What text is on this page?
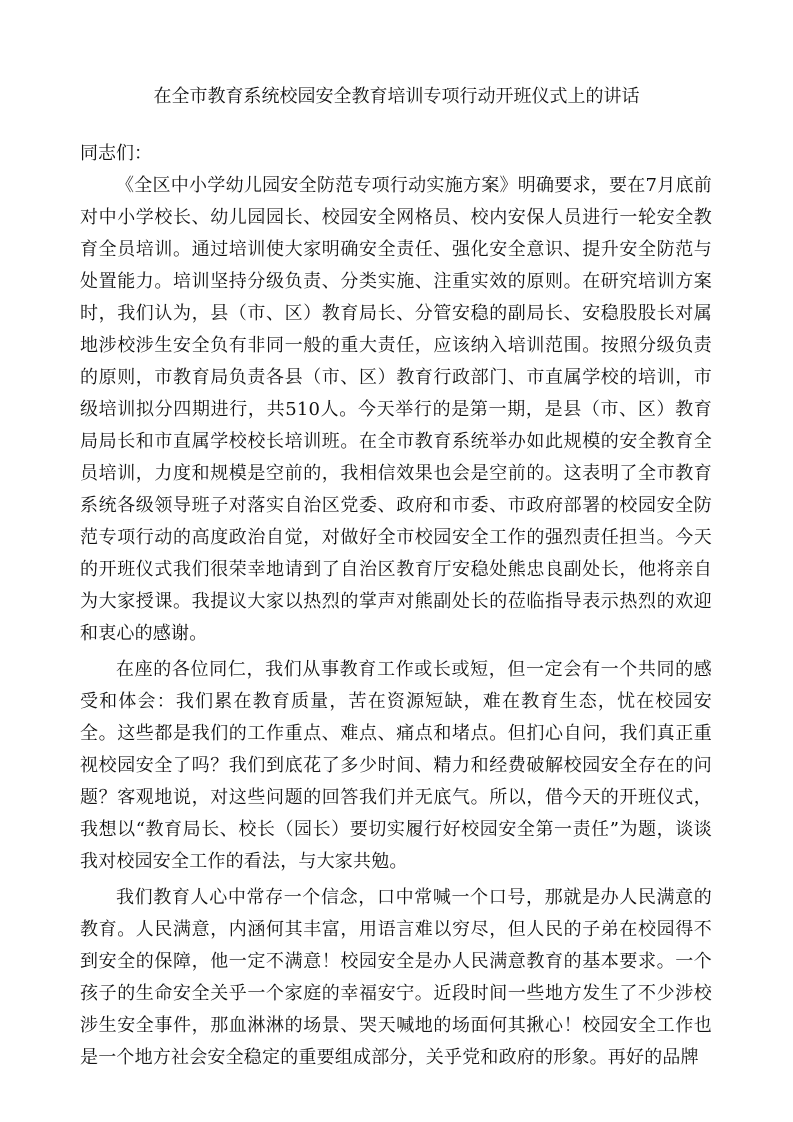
在全市教育系统校园安全教育培训专项行动开班仪式上的讲话

同志们：

《全区中小学幼儿园安全防范专项行动实施方案》明确要求，要在7月底前对中小学校长、幼儿园园长、校园安全网格员、校内安保人员进行一轮安全教育全员培训。通过培训使大家明确安全责任、强化安全意识、提升安全防范与处置能力。培训坚持分级负责、分类实施、注重实效的原则。在研究培训方案时，我们认为，县（市、区）教育局长、分管安稳的副局长、安稳股股长对属地涉校涉生安全负有非同一般的重大责任，应该纳入培训范围。按照分级负责的原则，市教育局负责各县（市、区）教育行政部门、市直属学校的培训，市级培训拟分四期进行，共510人。今天举行的是第一期，是县（市、区）教育局局长和市直属学校校长培训班。在全市教育系统举办如此规模的安全教育全员培训，力度和规模是空前的，我相信效果也会是空前的。这表明了全市教育系统各级领导班子对落实自治区党委、政府和市委、市政府部署的校园安全防范专项行动的高度政治自觉，对做好全市校园安全工作的强烈责任担当。今天的开班仪式我们很荣幸地请到了自治区教育厅安稳处熊忠良副处长，他将亲自为大家授课。我提议大家以热烈的掌声对熊副处长的莅临指导表示热烈的欢迎和衷心的感谢。

在座的各位同仁，我们从事教育工作或长或短，但一定会有一个共同的感受和体会：我们累在教育质量，苦在资源短缺，难在教育生态，忧在校园安全。这些都是我们的工作重点、难点、痛点和堵点。但扪心自问，我们真正重视校园安全了吗？我们到底花了多少时间、精力和经费破解校园安全存在的问题？客观地说，对这些问题的回答我们并无底气。所以，借今天的开班仪式，我想以“教育局长、校长（园长）要切实履行好校园安全第一责任”为题，谈谈我对校园安全工作的看法，与大家共勉。

我们教育人心中常存一个信念，口中常喊一个口号，那就是办人民满意的教育。人民满意，内涵何其丰富，用语言难以穷尽，但人民的子弟在校园得不到安全的保障，他一定不满意！校园安全是办人民满意教育的基本要求。一个孩子的生命安全关乎一个家庭的幸福安宁。近段时间一些地方发生了不少涉校涉生安全事件，那血淋淋的场景、哭天喊地的场面何其揪心！校园安全工作也是一个地方社会安全稳定的重要组成部分，关乎党和政府的形象。再好的品牌
